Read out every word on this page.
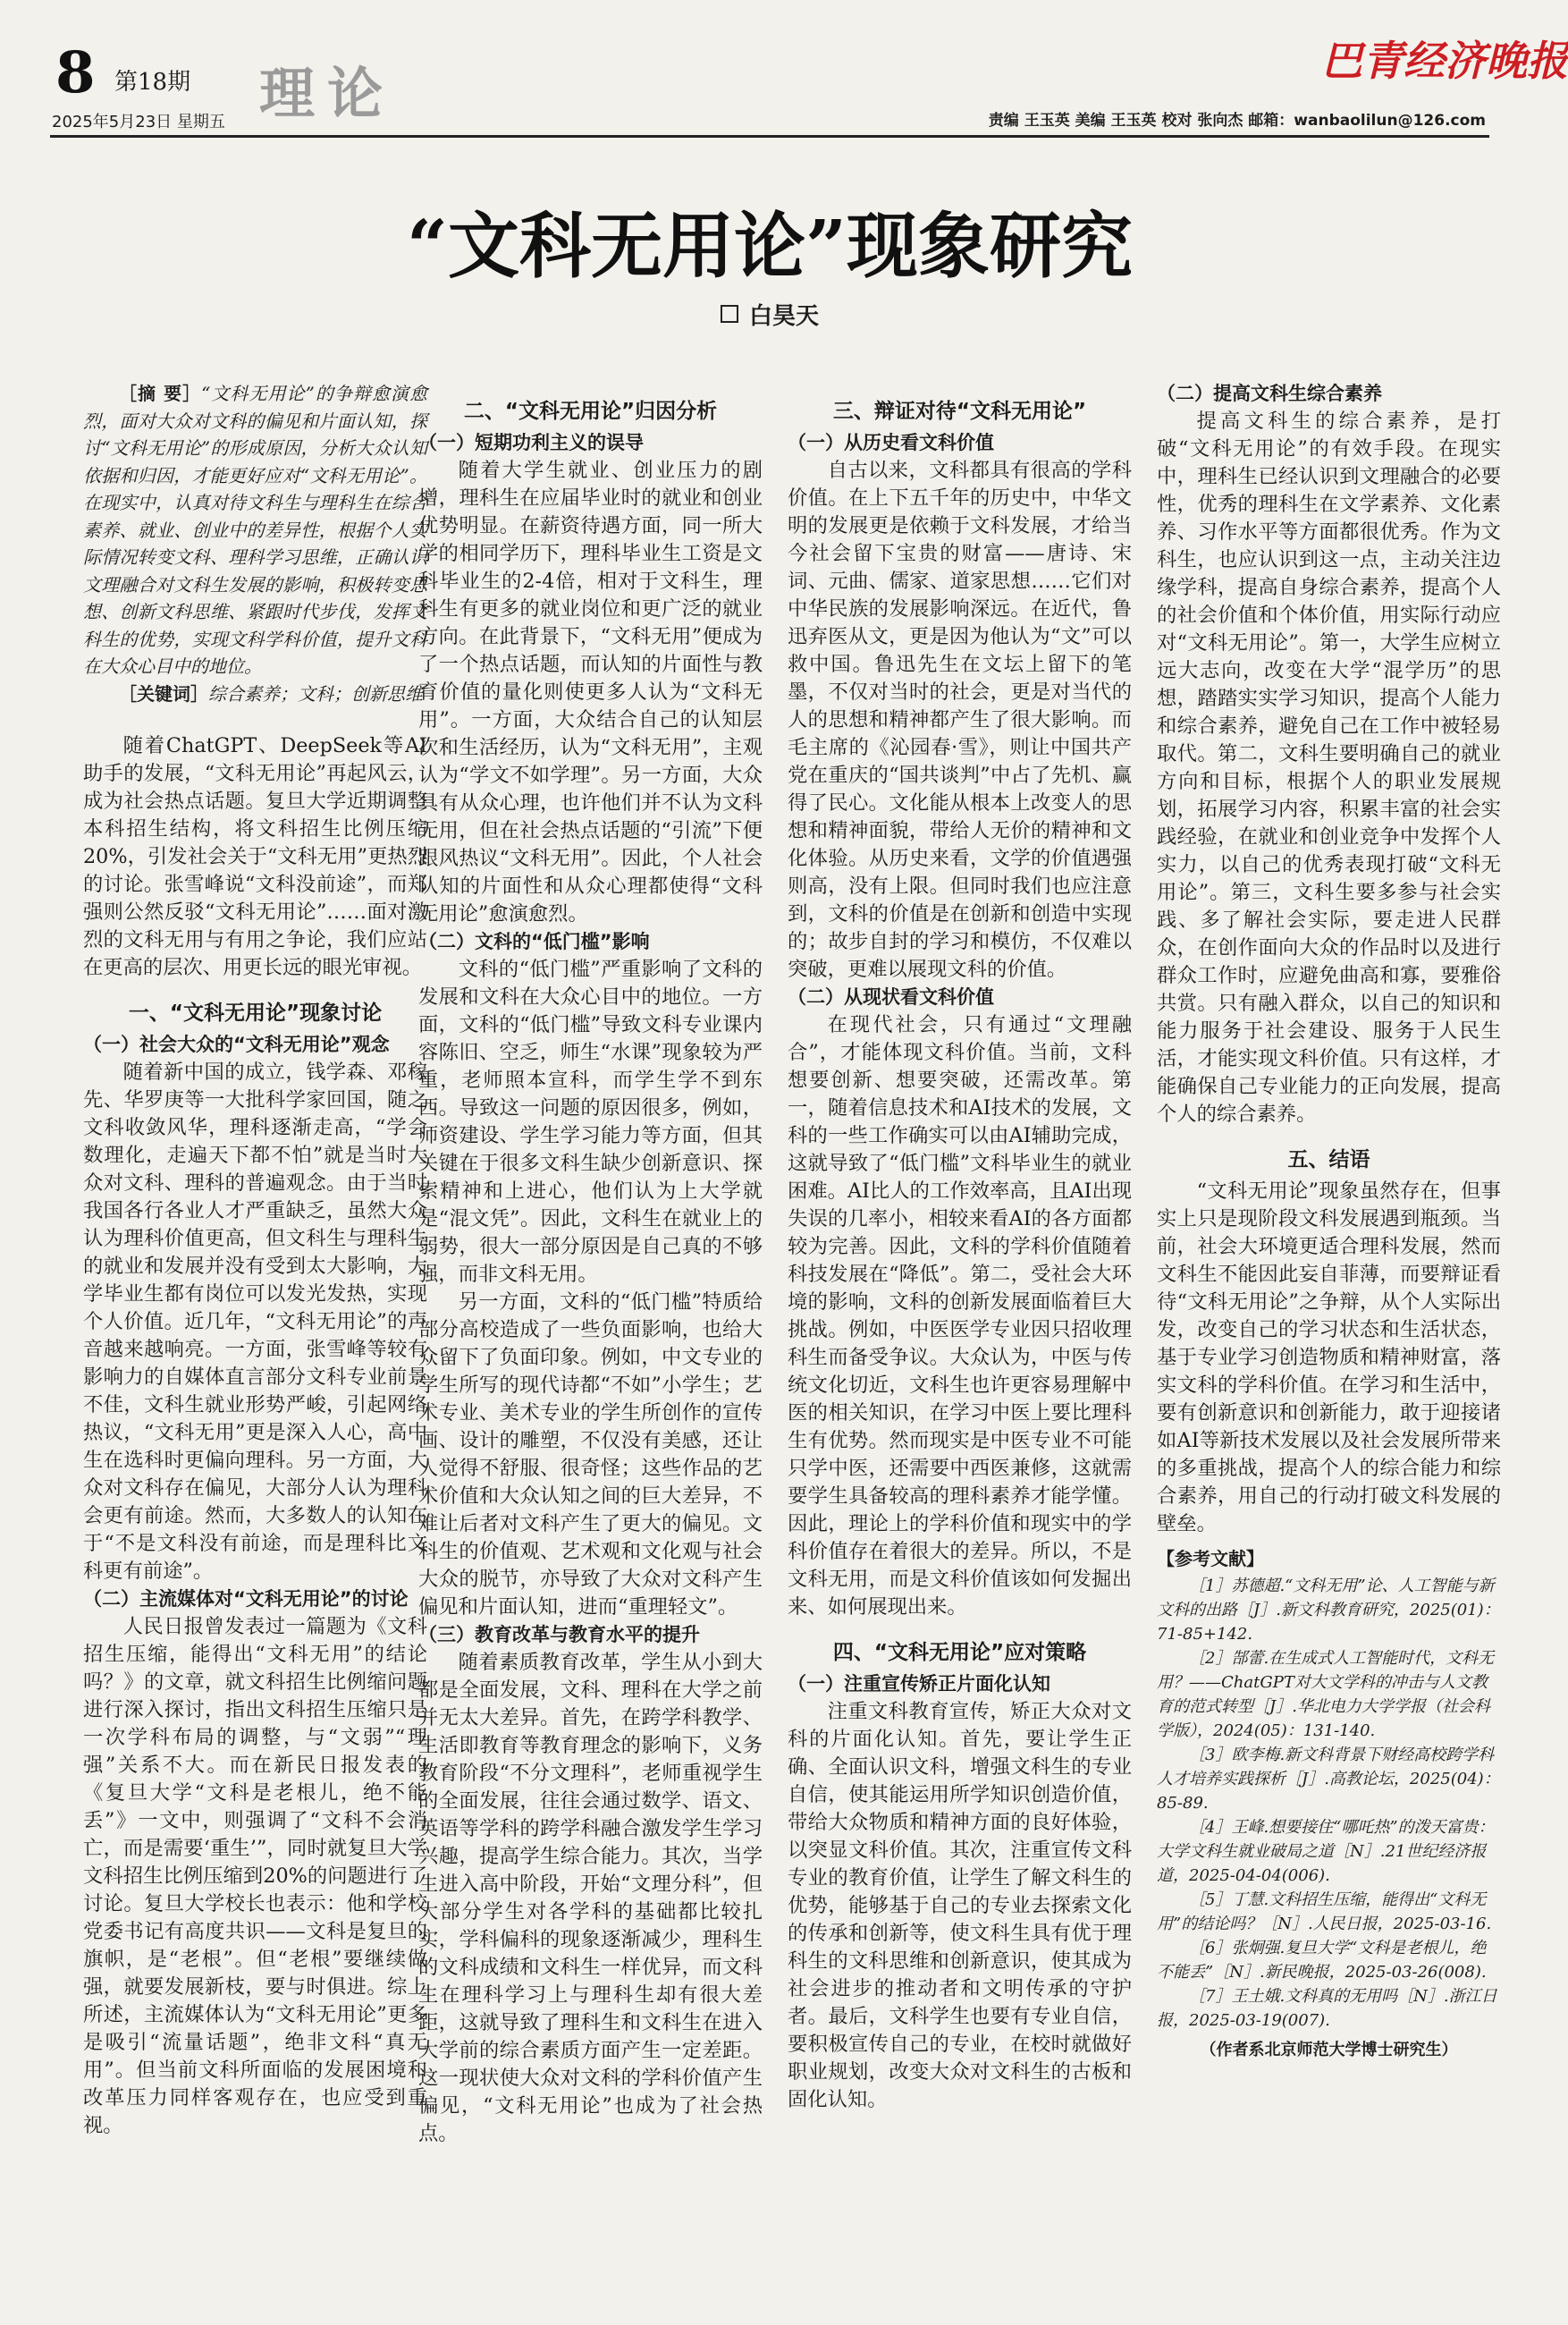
8 第18期
2025年5月23日 星期五 理论	巴青经济晚报
责编 王玉英 美编 王玉英 校对 张向杰 邮箱：wanbaolilun@126.com
“文科无用论”现象研究
白昊天

［摘 要］“文科无用论”的争辩愈演愈烈，面对大众对文科的偏见和片面认知，探讨“文科无用论”的形成原因，分析大众认知依据和归因，才能更好应对“文科无用论”。在现实中，认真对待文科生与理科生在综合素养、就业、创业中的差异性，根据个人实际情况转变文科、理科学习思维，正确认识文理融合对文科生发展的影响，积极转变思想、创新文科思维、紧跟时代步伐，发挥文科生的优势，实现文科学科价值，提升文科在大众心目中的地位。

［关键词］综合素养；文科；创新思维

随着ChatGPT、DeepSeek等AI助手的发展，“文科无用论”再起风云，成为社会热点话题。复旦大学近期调整本科招生结构，将文科招生比例压缩20%，引发社会关于“文科无用”更热烈的讨论。张雪峰说“文科没前途”，而郑强则公然反驳“文科无用论”……面对激烈的文科无用与有用之争论，我们应站在更高的层次、用更长远的眼光审视。

一、“文科无用论”现象讨论
（一）社会大众的“文科无用论”观念

随着新中国的成立，钱学森、邓稼先、华罗庚等一大批科学家回国，随之文科收敛风华，理科逐渐走高，“学会数理化，走遍天下都不怕”就是当时大众对文科、理科的普遍观念。由于当时我国各行各业人才严重缺乏，虽然大众认为理科价值更高，但文科生与理科生的就业和发展并没有受到太大影响，大学毕业生都有岗位可以发光发热，实现个人价值。近几年，“文科无用论”的声音越来越响亮。一方面，张雪峰等较有影响力的自媒体直言部分文科专业前景不佳，文科生就业形势严峻，引起网络热议，“文科无用”更是深入人心，高中生在选科时更偏向理科。另一方面，大众对文科存在偏见，大部分人认为理科会更有前途。然而，大多数人的认知在于“不是文科没有前途，而是理科比文科更有前途”。

（二）主流媒体对“文科无用论”的讨论

人民日报曾发表过一篇题为《文科招生压缩，能得出“文科无用”的结论吗？》的文章，就文科招生比例缩问题进行深入探讨，指出文科招生压缩只是一次学科布局的调整，与“文弱”“理强”关系不大。而在新民日报发表的《复旦大学“文科是老根儿，绝不能丢”》一文中，则强调了“文科不会消亡，而是需要‘重生’”，同时就复旦大学文科招生比例压缩到20%的问题进行了讨论。复旦大学校长也表示：他和学校党委书记有高度共识——文科是复旦的旗帜，是“老根”。但“老根”要继续做强，就要发展新枝，要与时俱进。综上所述，主流媒体认为“文科无用论”更多是吸引“流量话题”，绝非文科“真无用”。但当前文科所面临的发展困境和改革压力同样客观存在，也应受到重视。

二、“文科无用论”归因分析
（一）短期功利主义的误导

随着大学生就业、创业压力的剧增，理科生在应届毕业时的就业和创业优势明显。在薪资待遇方面，同一所大学的相同学历下，理科毕业生工资是文科毕业生的2-4倍，相对于文科生，理科生有更多的就业岗位和更广泛的就业方向。在此背景下，“文科无用”便成为了一个热点话题，而认知的片面性与教育价值的量化则使更多人认为“文科无用”。一方面，大众结合自己的认知层次和生活经历，认为“文科无用”，主观认为“学文不如学理”。另一方面，大众具有从众心理，也许他们并不认为文科无用，但在社会热点话题的“引流”下便跟风热议“文科无用”。因此，个人社会认知的片面性和从众心理都使得“文科无用论”愈演愈烈。

（二）文科的“低门槛”影响

文科的“低门槛”严重影响了文科的发展和文科在大众心目中的地位。一方面，文科的“低门槛”导致文科专业课内容陈旧、空乏，师生“水课”现象较为严重，老师照本宣科，而学生学不到东西。导致这一问题的原因很多，例如，师资建设、学生学习能力等方面，但其关键在于很多文科生缺少创新意识、探索精神和上进心，他们认为上大学就是“混文凭”。因此，文科生在就业上的弱势，很大一部分原因是自己真的不够强，而非文科无用。

另一方面，文科的“低门槛”特质给部分高校造成了一些负面影响，也给大众留下了负面印象。例如，中文专业的学生所写的现代诗都“不如”小学生；艺术专业、美术专业的学生所创作的宣传画、设计的雕塑，不仅没有美感，还让人觉得不舒服、很奇怪；这些作品的艺术价值和大众认知之间的巨大差异，不难让后者对文科产生了更大的偏见。文科生的价值观、艺术观和文化观与社会大众的脱节，亦导致了大众对文科产生偏见和片面认知，进而“重理轻文”。

（三）教育改革与教育水平的提升

随着素质教育改革，学生从小到大都是全面发展，文科、理科在大学之前并无太大差异。首先，在跨学科教学、生活即教育等教育理念的影响下，义务教育阶段“不分文理科”，老师重视学生的全面发展，往往会通过数学、语文、英语等学科的跨学科融合激发学生学习兴趣，提高学生综合能力。其次，当学生进入高中阶段，开始“文理分科”，但大部分学生对各学科的基础都比较扎实，学科偏科的现象逐渐减少，理科生的文科成绩和文科生一样优异，而文科生在理科学习上与理科生却有很大差距，这就导致了理科生和文科生在进入大学前的综合素质方面产生一定差距。这一现状使大众对文科的学科价值产生偏见，“文科无用论”也成为了社会热点。

三、辩证对待“文科无用论”
（一）从历史看文科价值

自古以来，文科都具有很高的学科价值。在上下五千年的历史中，中华文明的发展更是依赖于文科发展，才给当今社会留下宝贵的财富——唐诗、宋词、元曲、儒家、道家思想……它们对中华民族的发展影响深远。在近代，鲁迅弃医从文，更是因为他认为“文”可以救中国。鲁迅先生在文坛上留下的笔墨，不仅对当时的社会，更是对当代的人的思想和精神都产生了很大影响。而毛主席的《沁园春·雪》，则让中国共产党在重庆的“国共谈判”中占了先机、赢得了民心。文化能从根本上改变人的思想和精神面貌，带给人无价的精神和文化体验。从历史来看，文学的价值遇强则高，没有上限。但同时我们也应注意到，文科的价值是在创新和创造中实现的；故步自封的学习和模仿，不仅难以突破，更难以展现文科的价值。

（二）从现状看文科价值

在现代社会，只有通过“文理融合”，才能体现文科价值。当前，文科想要创新、想要突破，还需改革。第一，随着信息技术和AI技术的发展，文科的一些工作确实可以由AI辅助完成，这就导致了“低门槛”文科毕业生的就业困难。AI比人的工作效率高，且AI出现失误的几率小，相较来看AI的各方面都较为完善。因此，文科的学科价值随着科技发展在“降低”。第二，受社会大环境的影响，文科的创新发展面临着巨大挑战。例如，中医医学专业因只招收理科生而备受争议。大众认为，中医与传统文化切近，文科生也许更容易理解中医的相关知识，在学习中医上要比理科生有优势。然而现实是中医专业不可能只学中医，还需要中西医兼修，这就需要学生具备较高的理科素养才能学懂。因此，理论上的学科价值和现实中的学科价值存在着很大的差异。所以，不是文科无用，而是文科价值该如何发掘出来、如何展现出来。

四、“文科无用论”应对策略
（一）注重宣传矫正片面化认知

注重文科教育宣传，矫正大众对文科的片面化认知。首先，要让学生正确、全面认识文科，增强文科生的专业自信，使其能运用所学知识创造价值，带给大众物质和精神方面的良好体验，以突显文科价值。其次，注重宣传文科专业的教育价值，让学生了解文科生的优势，能够基于自己的专业去探索文化的传承和创新等，使文科生具有优于理科生的文科思维和创新意识，使其成为社会进步的推动者和文明传承的守护者。最后，文科学生也要有专业自信，要积极宣传自己的专业，在校时就做好职业规划，改变大众对文科生的古板和固化认知。

（二）提高文科生综合素养

提高文科生的综合素养，是打破“文科无用论”的有效手段。在现实中，理科生已经认识到文理融合的必要性，优秀的理科生在文学素养、文化素养、习作水平等方面都很优秀。作为文科生，也应认识到这一点，主动关注边缘学科，提高自身综合素养，提高个人的社会价值和个体价值，用实际行动应对“文科无用论”。第一，大学生应树立远大志向，改变在大学“混学历”的思想，踏踏实实学习知识，提高个人能力和综合素养，避免自己在工作中被轻易取代。第二，文科生要明确自己的就业方向和目标，根据个人的职业发展规划，拓展学习内容，积累丰富的社会实践经验，在就业和创业竞争中发挥个人实力，以自己的优秀表现打破“文科无用论”。第三，文科生要多参与社会实践、多了解社会实际，要走进人民群众，在创作面向大众的作品时以及进行群众工作时，应避免曲高和寡，要雅俗共赏。只有融入群众，以自己的知识和能力服务于社会建设、服务于人民生活，才能实现文科价值。只有这样，才能确保自己专业能力的正向发展，提高个人的综合素养。

五、结语

“文科无用论”现象虽然存在，但事实上只是现阶段文科发展遇到瓶颈。当前，社会大环境更适合理科发展，然而文科生不能因此妄自菲薄，而要辩证看待“文科无用论”之争辩，从个人实际出发，改变自己的学习状态和生活状态，基于专业学习创造物质和精神财富，落实文科的学科价值。在学习和生活中，要有创新意识和创新能力，敢于迎接诸如AI等新技术发展以及社会发展所带来的多重挑战，提高个人的综合能力和综合素养，用自己的行动打破文科发展的壁垒。

【参考文献】

［1］苏德超.“文科无用”论、人工智能与新文科的出路［J］.新文科教育研究，2025(01)：71-85+142.

［2］郜蕾.在生成式人工智能时代，文科无用？——ChatGPT对大文学科的冲击与人文教育的范式转型［J］.华北电力大学学报（社会科学版），2024(05)：131-140.

［3］欧李梅.新文科背景下财经高校跨学科人才培养实践探析［J］.高教论坛，2025(04)：85-89.

［4］王峰.想要接住“哪吒热”的泼天富贵：大学文科生就业破局之道［N］.21世纪经济报道，2025-04-04(006).

［5］丁慧.文科招生压缩，能得出“文科无用”的结论吗？［N］.人民日报，2025-03-16.

［6］张炯强.复旦大学“文科是老根儿，绝不能丢”［N］.新民晚报，2025-03-26(008).

［7］王土娥.文科真的无用吗［N］.浙江日报，2025-03-19(007).

（作者系北京师范大学博士研究生）
